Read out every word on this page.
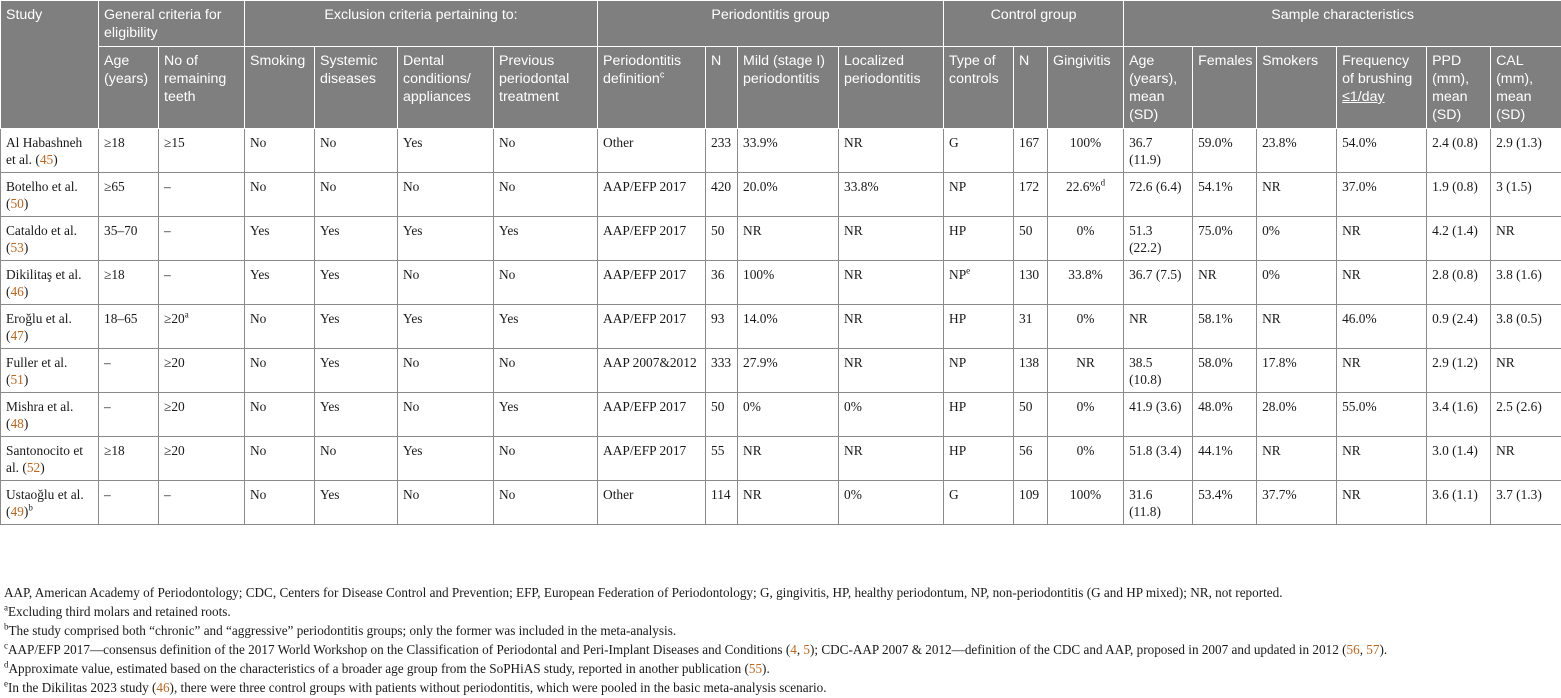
Study	General criteria for eligibility		Exclusion criteria pertaining to:				Periodontitis group				Control group			Sample characteristics					
	Age (years)	No of remaining teeth	Smoking	Systemic diseases	Dental conditions/ appliances	Previous periodontal treatment	Periodontitis definition$^c$	N	Mild (stage I) periodontitis	Localized periodontitis	Type of controls	N	Gingivitis	Age (years), mean (SD)	Females	Smokers	Frequency of brushing ≤1/day	PPD (mm), mean (SD)	CAL (mm), mean (SD)
Al Habashneh et al. (45)	≥18	≥15	No	No	Yes	No	Other	233	33.9%	NR	G	167	100%	36.7 (11.9)	59.0%	23.8%	54.0%	2.4 (0.8)	2.9 (1.3)
Botelho et al. (50)	≥65	–	No	No	No	No	AAP/EFP 2017	420	20.0%	33.8%	NP	172	22.6%$^d$	72.6 (6.4)	54.1%	NR	37.0%	1.9 (0.8)	3 (1.5)
Cataldo et al. (53)	35–70	–	Yes	Yes	Yes	Yes	AAP/EFP 2017	50	NR	NR	HP	50	0%	51.3 (22.2)	75.0%	0%	NR	4.2 (1.4)	NR
Dikilitaş et al. (46)	≥18	–	Yes	Yes	No	No	AAP/EFP 2017	36	100%	NR	$NP^e$	130	33.8%	36.7 (7.5)	NR	0%	NR	2.8 (0.8)	3.8 (1.6)
Eroğlu et al. (47)	18–65	$\ge 20^a$	No	Yes	Yes	Yes	AAP/EFP 2017	93	14.0%	NR	HP	31	0%	NR	58.1%	NR	46.0%	0.9 (2.4)	3.8 (0.5)
Fuller et al. (51)	–	≥20	No	Yes	No	No	AAP 2007&2012	333	27.9%	NR	NP	138	NR	38.5 (10.8)	58.0%	17.8%	NR	2.9 (1.2)	NR
Mishra et al. (48)	–	≥20	No	Yes	No	Yes	AAP/EFP 2017	50	0%	0%	HP	50	0%	41.9 (3.6)	48.0%	28.0%	55.0%	3.4 (1.6)	2.5 (2.6)
Santonocito et al. (52)	≥18	≥20	No	No	Yes	No	AAP/EFP 2017	55	NR	NR	HP	56	0%	51.8 (3.4)	44.1%	NR	NR	3.0 (1.4)	NR
Ustaoğlu et al. $(49)^b$	–	–	No	Yes	No	No	Other	114	NR	0%	G	109	100%	31.6 (11.8)	53.4%	37.7%	NR	3.6 (1.1)	3.7 (1.3)

AAP, American Academy of Periodontology; CDC, Centers for Disease Control and Prevention; EFP, European Federation of Periodontology; G, gingivitis, HP, healthy periodontum, NP, non-periodontitis (G and HP mixed); NR, not reported.

$^a$Excluding third molars and retained roots.

$^b$The study comprised both “chronic” and “aggressive” periodontitis groups; only the former was included in the meta-analysis.

$^c$AAP/EFP 2017—consensus definition of the 2017 World Workshop on the Classification of Periodontal and Peri-Implant Diseases and Conditions (4, 5); CDC-AAP 2007 & 2012—definition of the CDC and AAP, proposed in 2007 and updated in 2012 (56, 57).

$^d$Approximate value, estimated based on the characteristics of a broader age group from the SoPHiAS study, reported in another publication (55).

$^e$In the Dikilitas 2023 study (46), there were three control groups with patients without periodontitis, which were pooled in the basic meta-analysis scenario.
